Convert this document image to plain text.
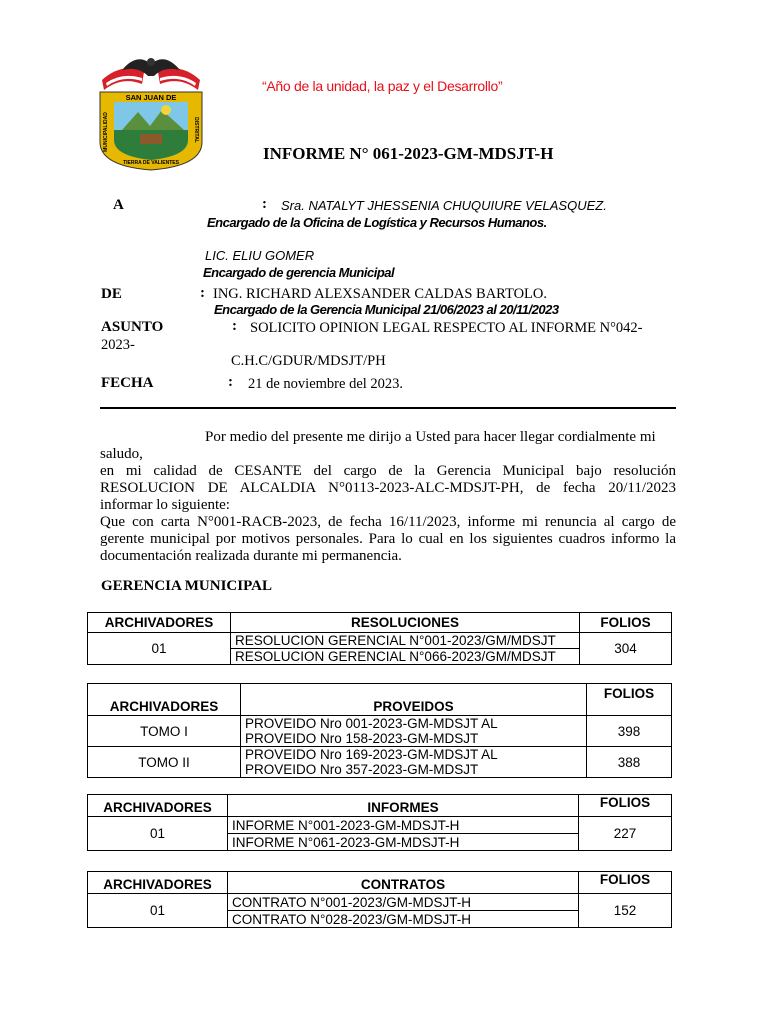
SAN JUAN DE
TIERRA DE VALIENTES
MUNICIPALIDAD	DISTRITAL
“Año de la unidad, la paz y el Desarrollo”
INFORME N° 061-2023-GM-MDSJT-H
A	: Sra. NATALYT JHESSENIA CHUQUIURE VELASQUEZ.
Encargado de la Oficina de Logística y Recursos Humanos.
LIC. ELIU GOMER
Encargado de gerencia Municipal
DE	: ING. RICHARD ALEXSANDER CALDAS BARTOLO.
Encargado de la Gerencia Municipal 21/06/2023 al 20/11/2023
ASUNTO	: SOLICITO OPINION LEGAL RESPECTO AL INFORME N°042-
2023-
C.H.C/GDUR/MDSJT/PH
FECHA	: 21 de noviembre del 2023.
Por medio del presente me dirijo a Usted para hacer llegar cordialmente mi
saludo,
en mi calidad de CESANTE del cargo de la Gerencia Municipal bajo resolución RESOLUCION DE ALCALDIA N°0113-2023-ALC-MDSJT-PH, de fecha 20/11/2023
informar lo siguiente:
Que con carta N°001-RACB-2023, de fecha 16/11/2023, informe mi renuncia al cargo de gerente municipal por motivos personales. Para lo cual en los siguientes cuadros informo la documentación realizada durante mi permanencia.
GERENCIA MUNICIPAL
ARCHIVADORES	RESOLUCIONES	FOLIOS
01	RESOLUCION GERENCIAL N°001-2023/GM/MDSJT	304
	RESOLUCION GERENCIAL N°066-2023/GM/MDSJT	
ARCHIVADORES	PROVEIDOS	FOLIOS
TOMO I	PROVEIDO Nro 001-2023-GM-MDSJT AL
PROVEIDO Nro 158-2023-GM-MDSJT	398
TOMO II	PROVEIDO Nro 169-2023-GM-MDSJT AL
PROVEIDO Nro 357-2023-GM-MDSJT	388
ARCHIVADORES	INFORMES	FOLIOS
01	INFORME N°001-2023-GM-MDSJT-H	227
	INFORME N°061-2023-GM-MDSJT-H	
ARCHIVADORES	CONTRATOS	FOLIOS
01	CONTRATO N°001-2023/GM-MDSJT-H	152
	CONTRATO N°028-2023/GM-MDSJT-H	
